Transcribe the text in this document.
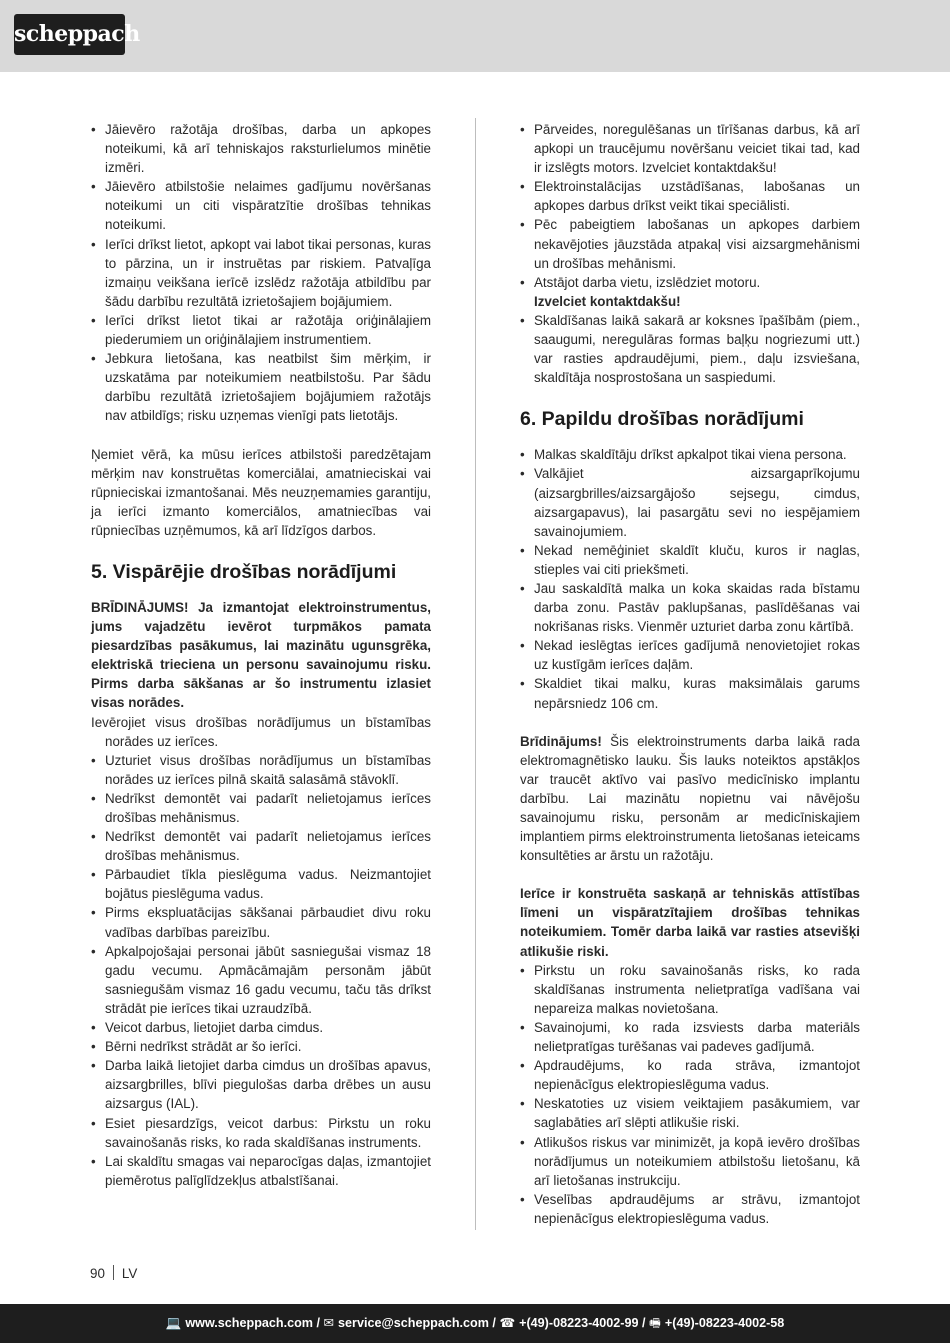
scheppach
• Jāievēro ražotāja drošības, darba un apkopes noteikumi, kā arī tehniskajos raksturlielumos minētie izmēri.
• Jāievēro atbilstošie nelaimes gadījumu novēršanas noteikumi un citi vispāratzītie drošības tehnikas noteikumi.
• Ierīci drīkst lietot, apkopt vai labot tikai personas, kuras to pārzina, un ir instruētas par riskiem. Patvaļīga izmaiņu veikšana ierīcē izslēdz ražotāja atbildību par šādu darbību rezultātā izrietošajiem bojājumiem.
• Ierīci drīkst lietot tikai ar ražotāja oriģinālajiem piederumiem un oriģinālajiem instrumentiem.
• Jebkura lietošana, kas neatbilst šim mērķim, ir uzskatāma par noteikumiem neatbilstošu. Par šādu darbību rezultātā izrietošajiem bojājumiem ražotājs nav atbildīgs; risku uzņemas vienīgi pats lietotājs.

Ņemiet vērā, ka mūsu ierīces atbilstoši paredzētajam mērķim nav konstruētas komerciālai, amatnieciskai vai rūpnieciskai izmantošanai. Mēs neuzņemamies garantiju, ja ierīci izmanto komerciālos, amatniecības vai rūpniecības uzņēmumos, kā arī līdzīgos darbos.

5. Vispārējie drošības norādījumi

BRĪDINĀJUMS! Ja izmantojat elektroinstrumentus, jums vajadzētu ievērot turpmākos pamata piesardzības pasākumus, lai mazinātu ugunsgrēka, elektriskā trieciena un personu savainojumu risku. Pirms darba sākšanas ar šo instrumentu izlasiet visas norādes.

Ievērojiet visus drošības norādījumus un bīstamības norādes uz ierīces.

• Uzturiet visus drošības norādījumus un bīstamības norādes uz ierīces pilnā skaitā salasāmā stāvoklī.
• Nedrīkst demontēt vai padarīt nelietojamus ierīces drošības mehānismus.
• Nedrīkst demontēt vai padarīt nelietojamus ierīces drošības mehānismus.
• Pārbaudiet tīkla pieslēguma vadus. Neizmantojiet bojātus pieslēguma vadus.
• Pirms ekspluatācijas sākšanai pārbaudiet divu roku vadības darbības pareizību.
• Apkalpojošajai personai jābūt sasniegušai vismaz 18 gadu vecumu. Apmācāmajām personām jābūt sasniegušām vismaz 16 gadu vecumu, taču tās drīkst strādāt pie ierīces tikai uzraudzībā.
• Veicot darbus, lietojiet darba cimdus.
• Bērni nedrīkst strādāt ar šo ierīci.
• Darba laikā lietojiet darba cimdus un drošības apavus, aizsargbrilles, blīvi piegulošas darba drēbes un ausu aizsargus (IAL).
• Esiet piesardzīgs, veicot darbus: Pirkstu un roku savainošanās risks, ko rada skaldīšanas instruments.
• Lai skaldītu smagas vai neparocīgas daļas, izmantojiet piemērotus palīglīdzekļus atbalstīšanai.
• Pārveides, noregulēšanas un tīrīšanas darbus, kā arī apkopi un traucējumu novēršanu veiciet tikai tad, kad ir izslēgts motors. Izvelciet kontaktdakšu!
• Elektroinstalācijas uzstādīšanas, labošanas un apkopes darbus drīkst veikt tikai speciālisti.
• Pēc pabeigtiem labošanas un apkopes darbiem nekavējoties jāuzstāda atpakaļ visi aizsargmehānismi un drošības mehānismi.
• Atstājot darba vietu, izslēdziet motoru.
Izvelciet kontaktdakšu!
• Skaldīšanas laikā sakarā ar koksnes īpašībām (piem., saaugumi, neregulāras formas baļķu nogriezumi utt.) var rasties apdraudējumi, piem., daļu izsviešana, skaldītāja nosprostošana un saspiedumi.
6. Papildu drošības norādījumi
• Malkas skaldītāju drīkst apkalpot tikai viena persona.
• Valkājiet aizsargaprīkojumu (aizsargbrilles/aizsargājošo sejsegu, cimdus, aizsargapavus), lai pasargātu sevi no iespējamiem savainojumiem.
• Nekad nemēģiniet skaldīt kluču, kuros ir naglas, stieples vai citi priekšmeti.
• Jau saskaldītā malka un koka skaidas rada bīstamu darba zonu. Pastāv paklupšanas, paslīdēšanas vai nokrišanas risks. Vienmēr uzturiet darba zonu kārtībā.
• Nekad ieslēgtas ierīces gadījumā nenovietojiet rokas uz kustīgām ierīces daļām.
• Skaldiet tikai malku, kuras maksimālais garums nepārsniedz 106 cm.

Brīdinājums! Šis elektroinstruments darba laikā rada elektromagnētisko lauku. Šis lauks noteiktos apstākļos var traucēt aktīvo vai pasīvo medicīnisko implantu darbību. Lai mazinātu nopietnu vai nāvējošu savainojumu risku, personām ar medicīniskajiem implantiem pirms elektroinstrumenta lietošanas ieteicams konsultēties ar ārstu un ražotāju.

Ierīce ir konstruēta saskaņā ar tehniskās attīstības līmeni un vispāratzītajiem drošības tehnikas noteikumiem. Tomēr darba laikā var rasties atsevišķi atlikušie riski.

• Pirkstu un roku savainošanās risks, ko rada skaldīšanas instrumenta nelietpratīga vadīšana vai nepareiza malkas novietošana.
• Savainojumi, ko rada izsviests darba materiāls nelietpratīgas turēšanas vai padeves gadījumā.
• Apdraudējums, ko rada strāva, izmantojot nepienācīgus elektropieslēguma vadus.
• Neskatoties uz visiem veiktajiem pasākumiem, var saglabāties arī slēpti atlikušie riski.
• Atlikušos riskus var minimizēt, ja kopā ievēro drošības norādījumus un noteikumiem atbilstošu lietošanu, kā arī lietošanas instrukciju.
• Veselības apdraudējums ar strāvu, izmantojot nepienācīgus elektropieslēguma vadus.
90 LV
💻 www.scheppach.com / ✉ service@scheppach.com / ☎ +(49)-08223-4002-99 / 🖷 +(49)-08223-4002-58
